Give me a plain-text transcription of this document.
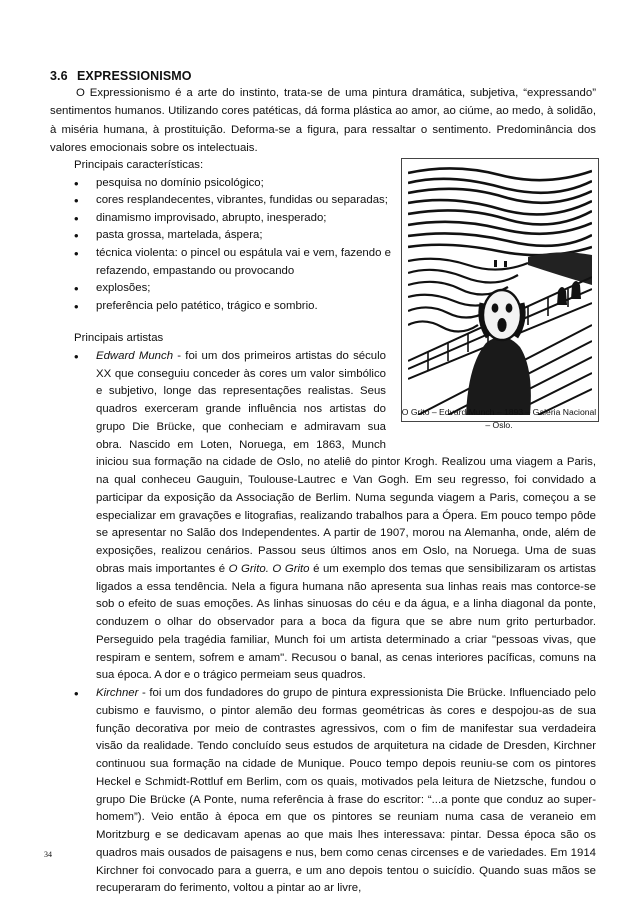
3.6 EXPRESSIONISMO

O Expressionismo é a arte do instinto, trata-se de uma pintura dramática, subjetiva, “expressando” sentimentos humanos. Utilizando cores patéticas, dá forma plástica ao amor, ao ciúme, ao medo, à solidão, à miséria humana, à prostituição. Deforma-se a figura, para ressaltar o sentimento. Predominância dos valores emocionais sobre os intelectuais.

Principais características:

• pesquisa no domínio psicológico;
• cores resplandecentes, vibrantes, fundidas ou separadas;
• dinamismo improvisado, abrupto, inesperado;
• pasta grossa, martelada, áspera;
• técnica violenta: o pincel ou espátula vai e vem, fazendo e refazendo, empastando ou provocando
• explosões;
• preferência pelo patético, trágico e sombrio.
O Grito – Edvard Munch – 1893 – Galeria Nacional – Oslo.

Principais artistas

• Edward Munch - foi um dos primeiros artistas do século XX que conseguiu conceder às cores um valor simbólico e subjetivo, longe das representações realistas. Seus quadros exerceram grande influência nos artistas do grupo Die Brücke, que conheciam e admiravam sua obra. Nascido em Loten, Noruega, em 1863, Munch iniciou sua formação na cidade de Oslo, no ateliê do pintor Krogh. Realizou uma viagem a Paris, na qual conheceu Gauguin, Toulouse-Lautrec e Van Gogh. Em seu regresso, foi convidado a participar da exposição da Associação de Berlim. Numa segunda viagem a Paris, começou a se especializar em gravações e litografias, realizando trabalhos para a Ópera. Em pouco tempo pôde se apresentar no Salão dos Independentes. A partir de 1907, morou na Alemanha, onde, além de exposições, realizou cenários. Passou seus últimos anos em Oslo, na Noruega. Uma de suas obras mais importantes é O Grito. O Grito é um exemplo dos temas que sensibilizaram os artistas ligados a essa tendência. Nela a figura humana não apresenta sua linhas reais mas contorce-se sob o efeito de suas emoções. As linhas sinuosas do céu e da água, e a linha diagonal da ponte, conduzem o olhar do observador para a boca da figura que se abre num grito perturbador. Perseguido pela tragédia familiar, Munch foi um artista determinado a criar "pessoas vivas, que respiram e sentem, sofrem e amam". Recusou o banal, as cenas interiores pacíficas, comuns na sua época. A dor e o trágico permeiam seus quadros.
• Kirchner - foi um dos fundadores do grupo de pintura expressionista Die Brücke. Influenciado pelo cubismo e fauvismo, o pintor alemão deu formas geométricas às cores e despojou-as de sua função decorativa por meio de contrastes agressivos, com o fim de manifestar sua verdadeira visão da realidade. Tendo concluído seus estudos de arquitetura na cidade de Dresden, Kirchner continuou sua formação na cidade de Munique. Pouco tempo depois reuniu-se com os pintores Heckel e Schmidt-Rottluf em Berlim, com os quais, motivados pela leitura de Nietzsche, fundou o grupo Die Brücke (A Ponte, numa referência à frase do escritor: “...a ponte que conduz ao super-homem”). Veio então à época em que os pintores se reuniam numa casa de veraneio em Moritzburg e se dedicavam apenas ao que mais lhes interessava: pintar. Dessa época são os quadros mais ousados de paisagens e nus, bem como cenas circenses e de variedades. Em 1914 Kirchner foi convocado para a guerra, e um ano depois tentou o suicídio. Quando suas mãos se recuperaram do ferimento, voltou a pintar ao ar livre,
34
